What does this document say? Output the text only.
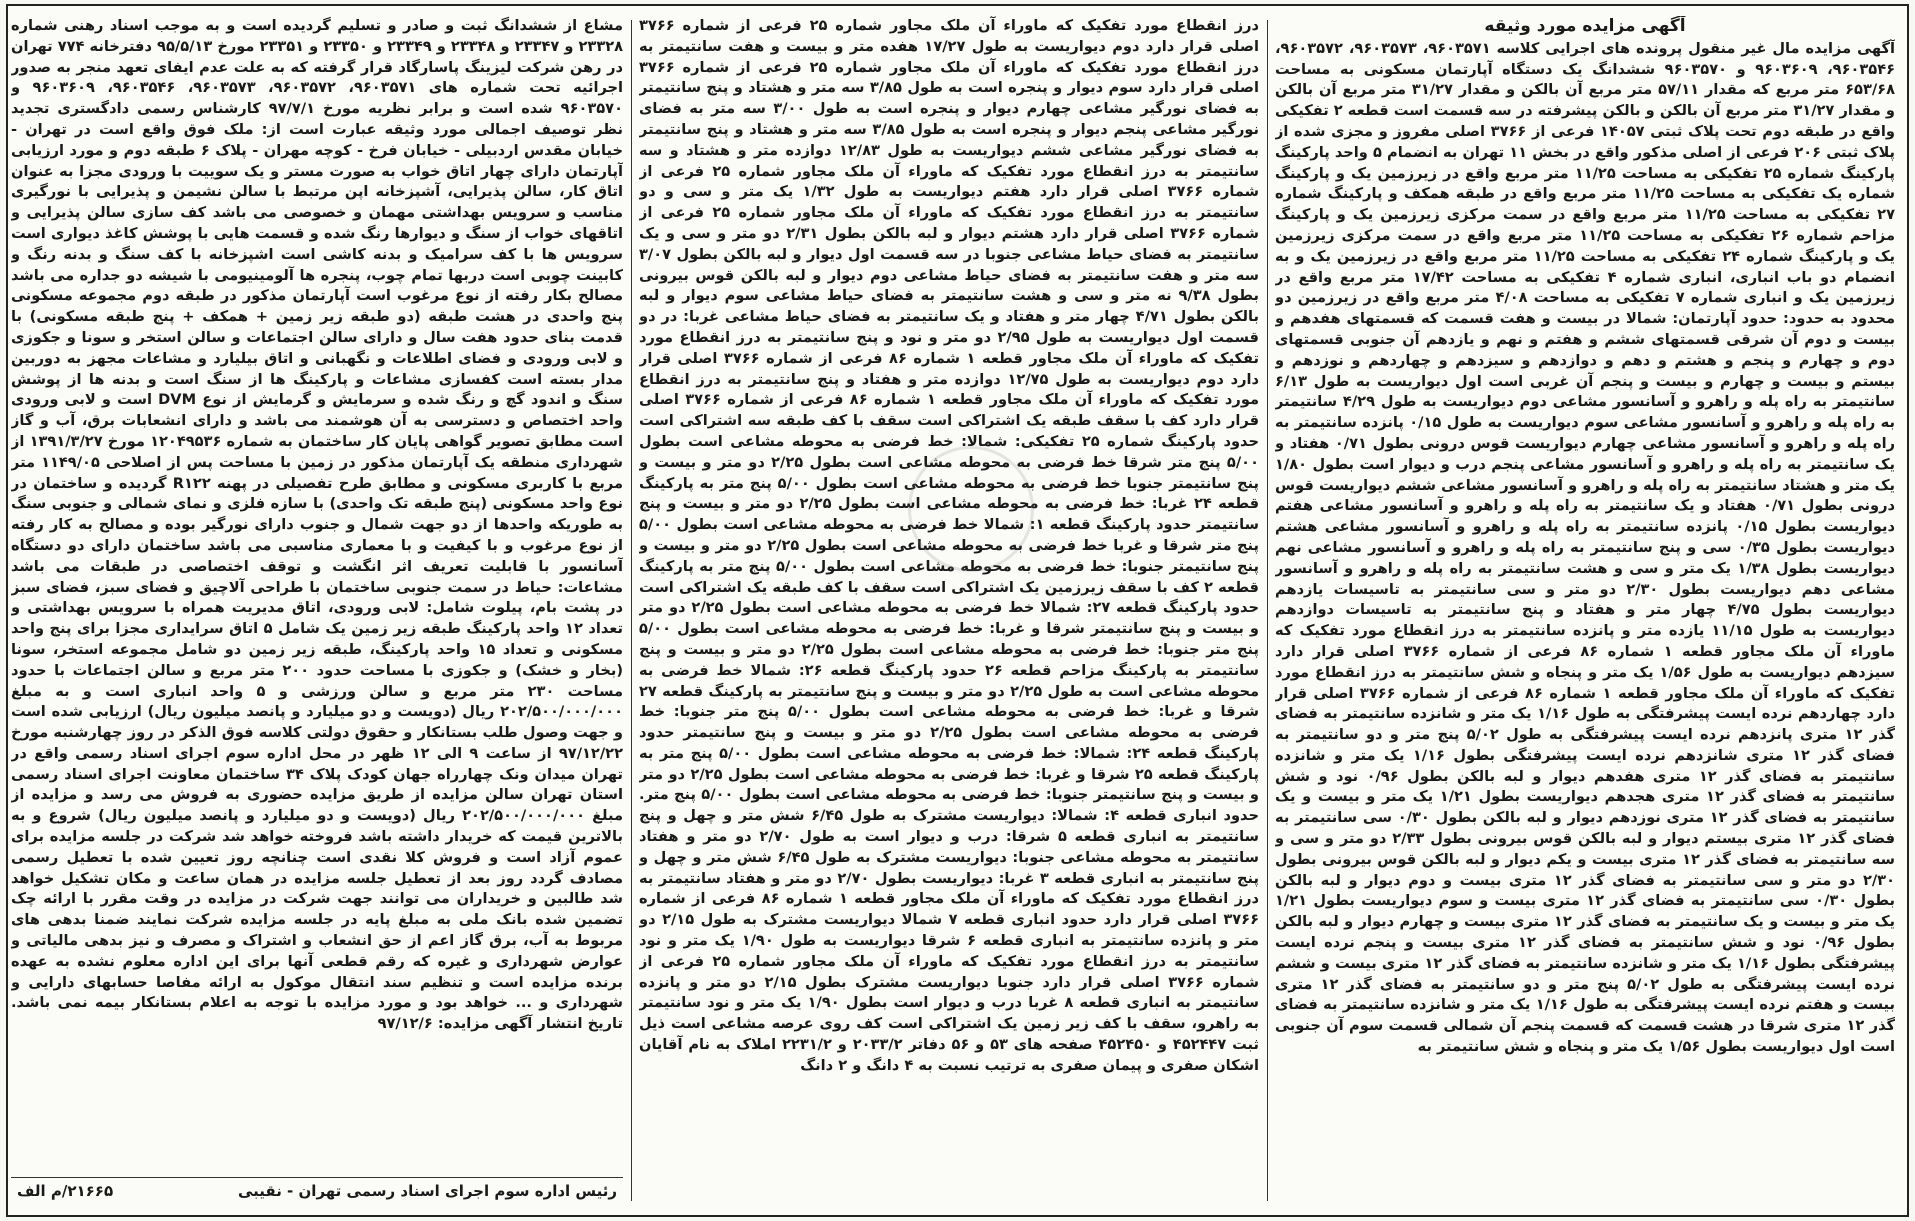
آگهی مزایده مورد وثیقه

آگهی مزایده مال غیر منقول پرونده های اجرایی کلاسه ۹۶۰۳۵۷۱، ۹۶۰۳۵۷۳، ۹۶۰۳۵۷۲، ۹۶۰۳۵۴۶، ۹۶۰۳۶۰۹ و ۹۶۰۳۵۷۰ ششدانگ یک دستگاه آپارتمان مسکونی به مساحت ۶۵۳/۶۸ متر مربع که مقدار ۵۷/۱۱ متر مربع آن بالکن و مقدار ۳۱/۲۷ متر مربع آن بالکن و مقدار ۳۱/۲۷ متر مربع آن بالکن و بالکن پیشرفته در سه قسمت است قطعه ۲ تفکیکی واقع در طبقه دوم تحت پلاک ثبتی ۱۴۰۵۷ فرعی از ۳۷۶۶ اصلی مفروز و مجزی شده از پلاک ثبتی ۲۰۶ فرعی از اصلی مذکور واقع در بخش ۱۱ تهران به انضمام ۵ واحد پارکینگ پارکینگ شماره ۲۵ تفکیکی به مساحت ۱۱/۲۵ متر مربع واقع در زیرزمین یک و پارکینگ شماره یک تفکیکی به مساحت ۱۱/۲۵ متر مربع واقع در طبقه همکف و پارکینگ شماره ۲۷ تفکیکی به مساحت ۱۱/۲۵ متر مربع واقع در سمت مرکزی زیرزمین یک و پارکینگ مزاحم شماره ۲۶ تفکیکی به مساحت ۱۱/۲۵ متر مربع واقع در سمت مرکزی زیرزمین یک و پارکینگ شماره ۲۴ تفکیکی به مساحت ۱۱/۲۵ متر مربع واقع در زیرزمین یک و به انضمام دو باب انباری، انباری شماره ۴ تفکیکی به مساحت ۱۷/۴۲ متر مربع واقع در زیرزمین یک و انباری شماره ۷ تفکیکی به مساحت ۴/۰۸ متر مربع واقع در زیرزمین دو محدود به حدود: حدود آپارتمان: شمالا در بیست و هفت قسمت که قسمتهای هفدهم و بیست و دوم آن شرقی قسمتهای ششم و هفتم و نهم و یازدهم آن جنوبی قسمتهای دوم و چهارم و پنجم و هشتم و دهم و دوازدهم و سیزدهم و چهاردهم و نوزدهم و بیستم و بیست و چهارم و بیست و پنجم آن غربی است اول دیواریست به طول ۶/۱۳ سانتیمتر به راه پله و راهرو و آسانسور مشاعی دوم دیواریست به طول ۴/۲۹ سانتیمتر به راه پله و راهرو و آسانسور مشاعی سوم دیواریست به طول ۰/۱۵ پانزده سانتیمتر به راه پله و راهرو و آسانسور مشاعی چهارم دیواریست قوس درونی بطول ۰/۷۱ هفتاد و یک سانتیمتر به راه پله و راهرو و آسانسور مشاعی پنجم درب و دیوار است بطول ۱/۸۰ یک متر و هشتاد سانتیمتر به راه پله و راهرو و آسانسور مشاعی ششم دیواریست قوس درونی بطول ۰/۷۱ هفتاد و یک سانتیمتر به راه پله و راهرو و آسانسور مشاعی هفتم دیواریست بطول ۰/۱۵ پانزده سانتیمتر به راه پله و راهرو و آسانسور مشاعی هشتم دیواریست بطول ۰/۳۵ سی و پنج سانتیمتر به راه پله و راهرو و آسانسور مشاعی نهم دیواریست بطول ۱/۳۸ یک متر و سی و هشت سانتیمتر به راه پله و راهرو و آسانسور مشاعی دهم دیواریست بطول ۲/۳۰ دو متر و سی سانتیمتر به تاسیسات یازدهم دیواریست بطول ۴/۷۵ چهار متر و هفتاد و پنج سانتیمتر به تاسیسات دوازدهم دیواریست به طول ۱۱/۱۵ یازده متر و پانزده سانتیمتر به درز انقطاع مورد تفکیک که ماوراء آن ملک مجاور قطعه ۱ شماره ۸۶ فرعی از شماره ۳۷۶۶ اصلی قرار دارد سیزدهم دیواریست به طول ۱/۵۶ یک متر و پنجاه و شش سانتیمتر به درز انقطاع مورد تفکیک که ماوراء آن ملک مجاور قطعه ۱ شماره ۸۶ فرعی از شماره ۳۷۶۶ اصلی قرار دارد چهاردهم نرده ایست پیشرفتگی به طول ۱/۱۶ یک متر و شانزده سانتیمتر به فضای گذر ۱۲ متری پانزدهم نرده ایست پیشرفتگی به طول ۵/۰۲ پنج متر و دو سانتیمتر به فضای گذر ۱۲ متری شانزدهم نرده ایست پیشرفتگی بطول ۱/۱۶ یک متر و شانزده سانتیمتر به فضای گذر ۱۲ متری هفدهم دیوار و لبه بالکن بطول ۰/۹۶ نود و شش سانتیمتر به فضای گذر ۱۲ متری هجدهم دیواریست بطول ۱/۲۱ یک متر و بیست و یک سانتیمتر به فضای گذر ۱۲ متری نوزدهم دیوار و لبه بالکن بطول ۰/۳۰ سی سانتیمتر به فضای گذر ۱۲ متری بیستم دیوار و لبه بالکن قوس بیرونی بطول ۲/۳۳ دو متر و سی و سه سانتیمتر به فضای گذر ۱۲ متری بیست و یکم دیوار و لبه بالکن قوس بیرونی بطول ۲/۳۰ دو متر و سی سانتیمتر به فضای گذر ۱۲ متری بیست و دوم دیوار و لبه بالکن بطول ۰/۳۰ سی سانتیمتر به فضای گذر ۱۲ متری بیست و سوم دیواریست بطول ۱/۲۱ یک متر و بیست و یک سانتیمتر به فضای گذر ۱۲ متری بیست و چهارم دیوار و لبه بالکن بطول ۰/۹۶ نود و شش سانتیمتر به فضای گذر ۱۲ متری بیست و پنجم نرده ایست پیشرفتگی بطول ۱/۱۶ یک متر و شانزده سانتیمتر به فضای گذر ۱۲ متری بیست و ششم نرده ایست پیشرفتگی به طول ۵/۰۲ پنج متر و دو سانتیمتر به فضای گذر ۱۲ متری بیست و هفتم نرده ایست پیشرفتگی به طول ۱/۱۶ یک متر و شانزده سانتیمتر به فضای گذر ۱۲ متری شرقا در هشت قسمت که قسمت پنجم آن شمالی قسمت سوم آن جنوبی است اول دیواریست بطول ۱/۵۶ یک متر و پنجاه و شش سانتیمتر به

درز انقطاع مورد تفکیک که ماوراء آن ملک مجاور شماره ۲۵ فرعی از شماره ۳۷۶۶ اصلی قرار دارد دوم دیواریست به طول ۱۷/۲۷ هفده متر و بیست و هفت سانتیمتر به درز انقطاع مورد تفکیک که ماوراء آن ملک مجاور شماره ۲۵ فرعی از شماره ۳۷۶۶ اصلی قرار دارد سوم دیوار و پنجره است به طول ۳/۸۵ سه متر و هشتاد و پنج سانتیمتر به فضای نورگیر مشاعی چهارم دیوار و پنجره است به طول ۳/۰۰ سه متر به فضای نورگیر مشاعی پنجم دیوار و پنجره است به طول ۳/۸۵ سه متر و هشتاد و پنج سانتیمتر به فضای نورگیر مشاعی ششم دیواریست به طول ۱۲/۸۳ دوازده متر و هشتاد و سه سانتیمتر به درز انقطاع مورد تفکیک که ماوراء آن ملک مجاور شماره ۲۵ فرعی از شماره ۳۷۶۶ اصلی قرار دارد هفتم دیواریست به طول ۱/۳۲ یک متر و سی و دو سانتیمتر به درز انقطاع مورد تفکیک که ماوراء آن ملک مجاور شماره ۲۵ فرعی از شماره ۳۷۶۶ اصلی قرار دارد هشتم دیوار و لبه بالکن بطول ۲/۳۱ دو متر و سی و یک سانتیمتر به فضای حیاط مشاعی جنوبا در سه قسمت اول دیوار و لبه بالکن بطول ۳/۰۷ سه متر و هفت سانتیمتر به فضای حیاط مشاعی دوم دیوار و لبه بالکن قوس بیرونی بطول ۹/۳۸ نه متر و سی و هشت سانتیمتر به فضای حیاط مشاعی سوم دیوار و لبه بالکن بطول ۴/۷۱ چهار متر و هفتاد و یک سانتیمتر به فضای حیاط مشاعی غربا: در دو قسمت اول دیواریست به طول ۲/۹۵ دو متر و نود و پنج سانتیمتر به درز انقطاع مورد تفکیک که ماوراء آن ملک مجاور قطعه ۱ شماره ۸۶ فرعی از شماره ۳۷۶۶ اصلی قرار دارد دوم دیواریست به طول ۱۲/۷۵ دوازده متر و هفتاد و پنج سانتیمتر به درز انقطاع مورد تفکیک که ماوراء آن ملک مجاور قطعه ۱ شماره ۸۶ فرعی از شماره ۳۷۶۶ اصلی قرار دارد کف با سقف طبقه یک اشتراکی است سقف با کف طبقه سه اشتراکی است حدود پارکینگ شماره ۲۵ تفکیکی: شمالا: خط فرضی به محوطه مشاعی است بطول ۵/۰۰ پنج متر شرقا خط فرضی به محوطه مشاعی است بطول ۲/۲۵ دو متر و بیست و پنج سانتیمتر جنوبا خط فرضی به محوطه مشاعی است بطول ۵/۰۰ پنج متر به پارکینگ قطعه ۲۴ غربا: خط فرضی به محوطه مشاعی است بطول ۲/۲۵ دو متر و بیست و پنج سانتیمتر حدود پارکینگ قطعه ۱: شمالا خط فرضی به محوطه مشاعی است بطول ۵/۰۰ پنج متر شرقا و غربا خط فرضی به محوطه مشاعی است بطول ۲/۲۵ دو متر و بیست و پنج سانتیمتر جنوبا: خط فرضی به محوطه مشاعی است بطول ۵/۰۰ پنج متر به پارکینگ قطعه ۲ کف با سقف زیرزمین یک اشتراکی است سقف با کف طبقه یک اشتراکی است حدود پارکینگ قطعه ۲۷: شمالا خط فرضی به محوطه مشاعی است بطول ۲/۲۵ دو متر و بیست و پنج سانتیمتر شرقا و غربا: خط فرضی به محوطه مشاعی است بطول ۵/۰۰ پنج متر جنوبا: خط فرضی به محوطه مشاعی است بطول ۲/۲۵ دو متر و بیست و پنج سانتیمتر به پارکینگ مزاحم قطعه ۲۶ حدود پارکینگ قطعه ۲۶: شمالا خط فرضی به محوطه مشاعی است به طول ۲/۲۵ دو متر و بیست و پنج سانتیمتر به پارکینگ قطعه ۲۷ شرقا و غربا: خط فرضی به محوطه مشاعی است بطول ۵/۰۰ پنج متر جنوبا: خط فرضی به محوطه مشاعی است بطول ۲/۲۵ دو متر و بیست و پنج سانتیمتر حدود پارکینگ قطعه ۲۴: شمالا: خط فرضی به محوطه مشاعی است بطول ۵/۰۰ پنج متر به پارکینگ قطعه ۲۵ شرقا و غربا: خط فرضی به محوطه مشاعی است بطول ۲/۲۵ دو متر و بیست و پنج سانتیمتر جنوبا: خط فرضی به محوطه مشاعی است بطول ۵/۰۰ پنج متر. حدود انباری قطعه ۴: شمالا: دیواریست مشترک به طول ۶/۴۵ شش متر و چهل و پنج سانتیمتر به انباری قطعه ۵ شرقا: درب و دیوار است به طول ۲/۷۰ دو متر و هفتاد سانتیمتر به محوطه مشاعی جنوبا: دیواریست مشترک به طول ۶/۴۵ شش متر و چهل و پنج سانتیمتر به انباری قطعه ۳ غربا: دیواریست بطول ۲/۷۰ دو متر و هفتاد سانتیمتر به درز انقطاع مورد تفکیک که ماوراء آن ملک مجاور قطعه ۱ شماره ۸۶ فرعی از شماره ۳۷۶۶ اصلی قرار دارد حدود انباری قطعه ۷ شمالا دیواریست مشترک به طول ۲/۱۵ دو متر و پانزده سانتیمتر به انباری قطعه ۶ شرقا دیواریست به طول ۱/۹۰ یک متر و نود سانتیمتر به درز انقطاع مورد تفکیک که ماوراء آن ملک مجاور شماره ۲۵ فرعی از شماره ۳۷۶۶ اصلی قرار دارد جنوبا دیواریست مشترک بطول ۲/۱۵ دو متر و پانزده سانتیمتر به انباری قطعه ۸ غربا درب و دیوار است بطول ۱/۹۰ یک متر و نود سانتیمتر به راهرو، سقف با کف زیر زمین یک اشتراکی است کف روی عرصه مشاعی است ذیل ثبت ۴۵۲۴۴۷ و ۴۵۲۴۵۰ صفحه های ۵۳ و ۵۶ دفاتر ۲۰۳۳/۲ و ۲۲۳۱/۲ املاک به نام آقایان اشکان صفری و پیمان صفری به ترتیب نسبت به ۴ دانگ و ۲ دانگ

مشاع از ششدانگ ثبت و صادر و تسلیم گردیده است و به موجب اسناد رهنی شماره ۲۳۳۲۸ و ۲۳۳۴۷ و ۲۳۳۴۸ و ۲۳۳۴۹ و ۲۳۳۵۰ و ۲۳۳۵۱ مورخ ۹۵/۵/۱۳ دفترخانه ۷۷۴ تهران در رهن شرکت لیزینگ پاسارگاد قرار گرفته که به علت عدم ایفای تعهد منجر به صدور اجرائیه تحت شماره های ۹۶۰۳۵۷۱، ۹۶۰۳۵۷۲، ۹۶۰۳۵۷۳، ۹۶۰۳۵۴۶، ۹۶۰۳۶۰۹ و ۹۶۰۳۵۷۰ شده است و برابر نظریه مورخ ۹۷/۷/۱ کارشناس رسمی دادگستری تجدید نظر توصیف اجمالی مورد وثیقه عبارت است از: ملک فوق واقع است در تهران - خیابان مقدس اردبیلی - خیابان فرخ - کوچه مهران - پلاک ۶ طبقه دوم و مورد ارزیابی آپارتمان دارای چهار اتاق خواب به صورت مستر و یک سوییت با ورودی مجزا به عنوان اتاق کار، سالن پذیرایی، آشپزخانه اپن مرتبط با سالن نشیمن و پذیرایی با نورگیری مناسب و سرویس بهداشتی مهمان و خصوصی می باشد کف سازی سالن پذیرایی و اتاقهای خواب از سنگ و دیوارها رنگ شده و قسمت هایی با پوشش کاغذ دیواری است سرویس ها با کف سرامیک و بدنه کاشی است اشپزخانه با کف سنگ و بدنه رنگ و کابینت چوبی است دربها تمام چوب، پنجره ها آلومینیومی با شیشه دو جداره می باشد مصالح بکار رفته از نوع مرغوب است آپارتمان مذکور در طبقه دوم مجموعه مسکونی پنج واحدی در هشت طبقه (دو طبقه زیر زمین + همکف + پنج طبقه مسکونی) با قدمت بنای حدود هفت سال و دارای سالن اجتماعات و سالن استخر و سونا و جکوزی و لابی ورودی و فضای اطلاعات و نگهبانی و اتاق بیلیارد و مشاعات مجهز به دوربین مدار بسته است کفسازی مشاعات و پارکینگ ها از سنگ است و بدنه ها از پوشش سنگ و اندود گچ و رنگ شده و سرمایش و گرمایش از نوع DVM است و لابی ورودی واحد اختصاص و دسترسی به آن هوشمند می باشد و دارای انشعابات برق، آب و گاز است مطابق تصویر گواهی پایان کار ساختمان به شماره ۱۲۰۴۹۵۳۶ مورخ ۱۳۹۱/۳/۲۷ از شهرداری منطقه یک آپارتمان مذکور در زمین با مساحت پس از اصلاحی ۱۱۴۹/۰۵ متر مربع با کاربری مسکونی و مطابق طرح تفصیلی در پهنه R۱۲۲ گردیده و ساختمان در نوع واحد مسکونی (پنج طبقه تک واحدی) با سازه فلزی و نمای شمالی و جنوبی سنگ به طوریکه واحدها از دو جهت شمال و جنوب دارای نورگیر بوده و مصالح به کار رفته از نوع مرغوب و با کیفیت و با معماری مناسبی می باشد ساختمان دارای دو دستگاه آسانسور با قابلیت تعریف اثر انگشت و توقف اختصاصی در طبقات می باشد مشاعات: حیاط در سمت جنوبی ساختمان با طراحی آلاچیق و فضای سبز، فضای سبز در پشت بام، پیلوت شامل: لابی ورودی، اتاق مدیریت همراه با سرویس بهداشتی و تعداد ۱۲ واحد پارکینگ طبقه زیر زمین یک شامل ۵ اتاق سرایداری مجزا برای پنج واحد مسکونی و تعداد ۱۵ واحد پارکینگ، طبقه زیر زمین دو شامل مجموعه استخر، سونا (بخار و خشک) و جکوزی با مساحت حدود ۲۰۰ متر مربع و سالن اجتماعات با حدود مساحت ۲۳۰ متر مربع و سالن ورزشی و ۵ واحد انباری است و به مبلغ ۲۰۲/۵۰۰/۰۰۰/۰۰۰ ریال (دویست و دو میلیارد و پانصد میلیون ریال) ارزیابی شده است و جهت وصول طلب بستانکار و حقوق دولتی کلاسه فوق الذکر در روز چهارشنبه مورخ ۹۷/۱۲/۲۲ از ساعت ۹ الی ۱۲ ظهر در محل اداره سوم اجرای اسناد رسمی واقع در تهران میدان ونک چهارراه جهان کودک پلاک ۳۴ ساختمان معاونت اجرای اسناد رسمی استان تهران سالن مزایده از طریق مزایده حضوری به فروش می رسد و مزایده از مبلغ ۲۰۲/۵۰۰/۰۰۰/۰۰۰ ریال (دویست و دو میلیارد و پانصد میلیون ریال) شروع و به بالاترین قیمت که خریدار داشته باشد فروخته خواهد شد شرکت در جلسه مزایده برای عموم آزاد است و فروش کلا نقدی است چنانچه روز تعیین شده با تعطیل رسمی مصادف گردد روز بعد از تعطیل جلسه مزایده در همان ساعت و مکان تشکیل خواهد شد طالبین و خریداران می توانند جهت شرکت در مزایده در وقت مقرر با ارائه چک تضمین شده بانک ملی به مبلغ پایه در جلسه مزایده شرکت نمایند ضمنا بدهی های مربوط به آب، برق گاز اعم از حق انشعاب و اشتراک و مصرف و نیز بدهی مالیاتی و عوارض شهرداری و غیره که رقم قطعی آنها برای این اداره معلوم نشده به عهده برنده مزایده است و تنظیم سند انتقال موکول به ارائه مفاصا حسابهای دارایی و شهرداری و ... خواهد بود و مورد مزایده با توجه به اعلام بستانکار بیمه نمی باشد. تاریخ انتشار آگهی مزایده: ۹۷/۱۲/۶

رئیس اداره سوم اجرای اسناد رسمی تهران - نقیبی
۲۱۶۶۵/م الف
